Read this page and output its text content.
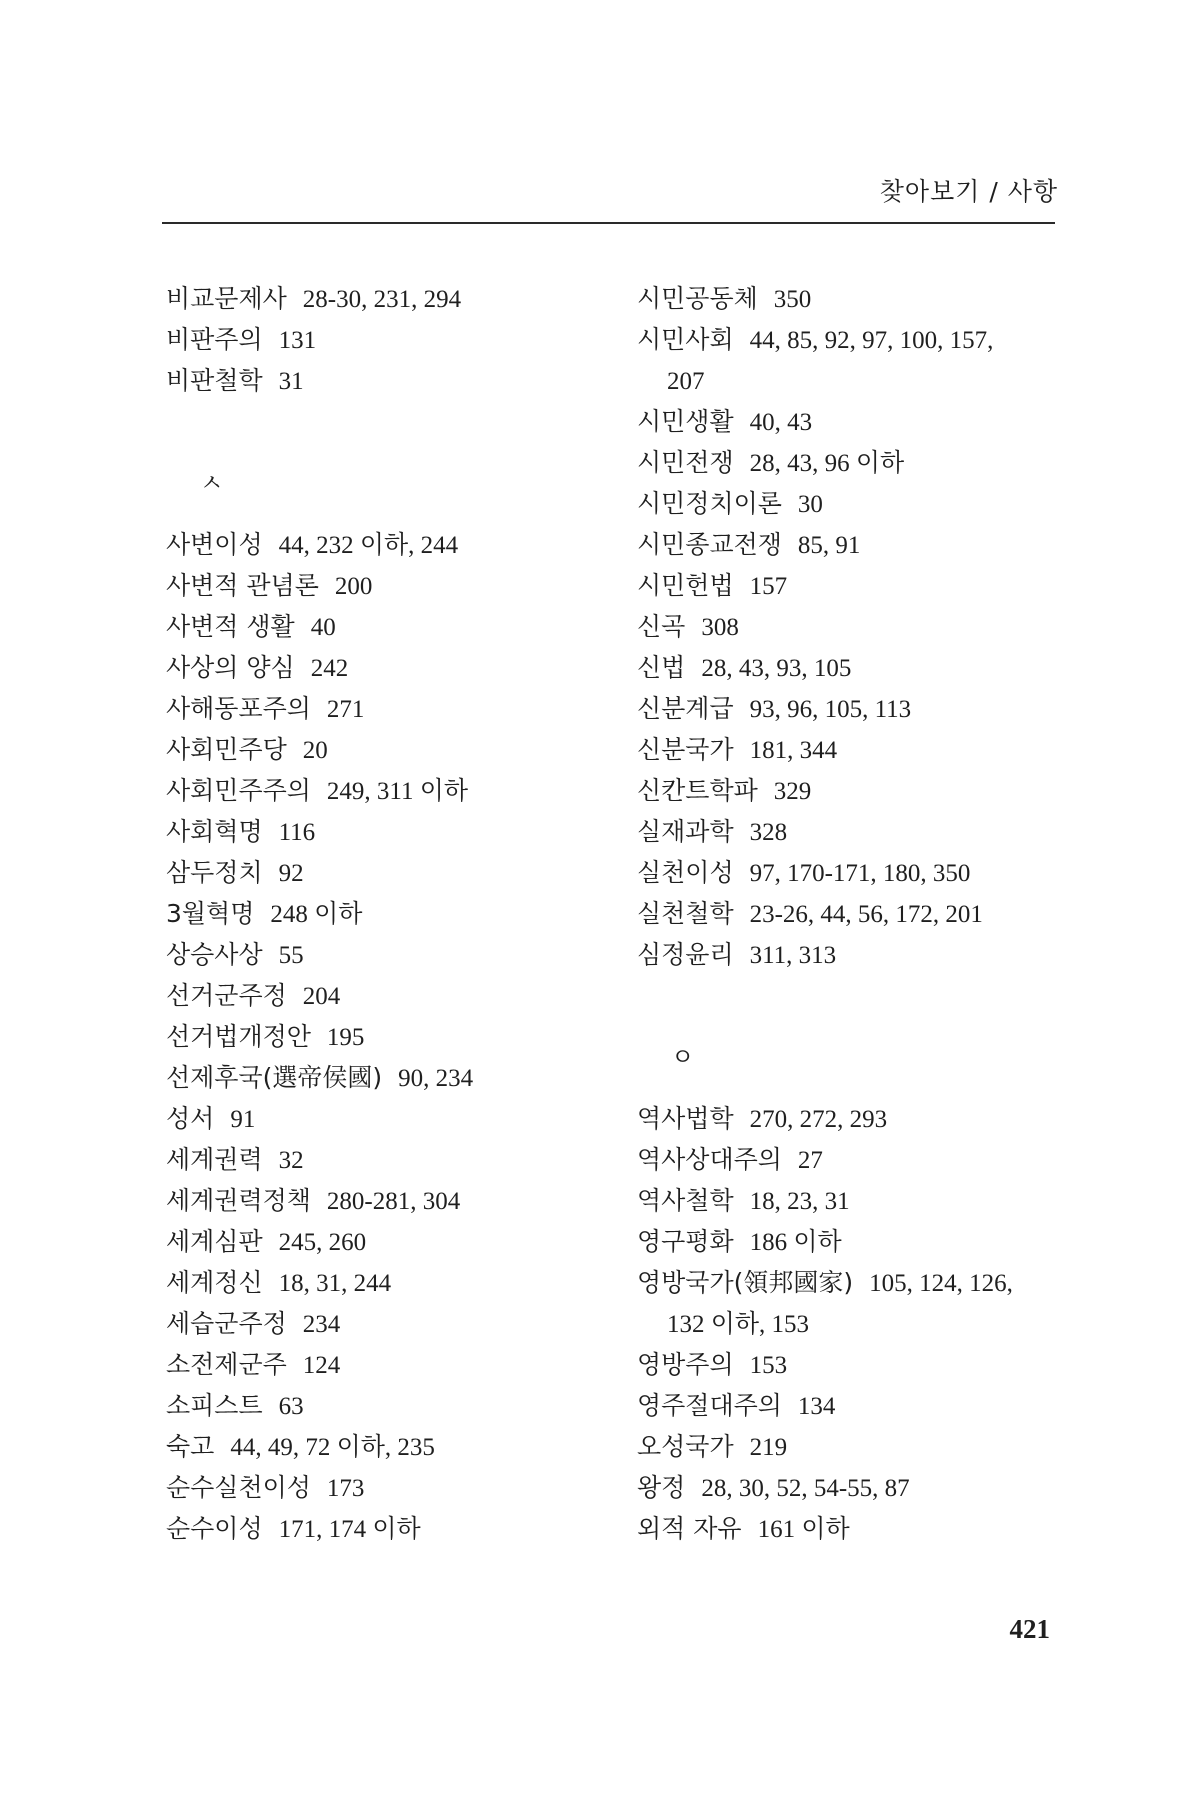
찾아보기 / 사항
비교문제사 28-30, 231, 294
비판주의 131
비판철학 31
ㅅ
사변이성 44, 232 이하, 244
사변적 관념론 200
사변적 생활 40
사상의 양심 242
사해동포주의 271
사회민주당 20
사회민주주의 249, 311 이하
사회혁명 116
삼두정치 92
3월혁명 248 이하
상승사상 55
선거군주정 204
선거법개정안 195
선제후국(選帝侯國) 90, 234
성서 91
세계권력 32
세계권력정책 280-281, 304
세계심판 245, 260
세계정신 18, 31, 244
세습군주정 234
소전제군주 124
소피스트 63
숙고 44, 49, 72 이하, 235
순수실천이성 173
순수이성 171, 174 이하
시민공동체 350
시민사회 44, 85, 92, 97, 100, 157,
207
시민생활 40, 43
시민전쟁 28, 43, 96 이하
시민정치이론 30
시민종교전쟁 85, 91
시민헌법 157
신곡 308
신법 28, 43, 93, 105
신분계급 93, 96, 105, 113
신분국가 181, 344
신칸트학파 329
실재과학 328
실천이성 97, 170-171, 180, 350
실천철학 23-26, 44, 56, 172, 201
심정윤리 311, 313
ㅇ
역사법학 270, 272, 293
역사상대주의 27
역사철학 18, 23, 31
영구평화 186 이하
영방국가(領邦國家) 105, 124, 126,
132 이하, 153
영방주의 153
영주절대주의 134
오성국가 219
왕정 28, 30, 52, 54-55, 87
외적 자유 161 이하
421
